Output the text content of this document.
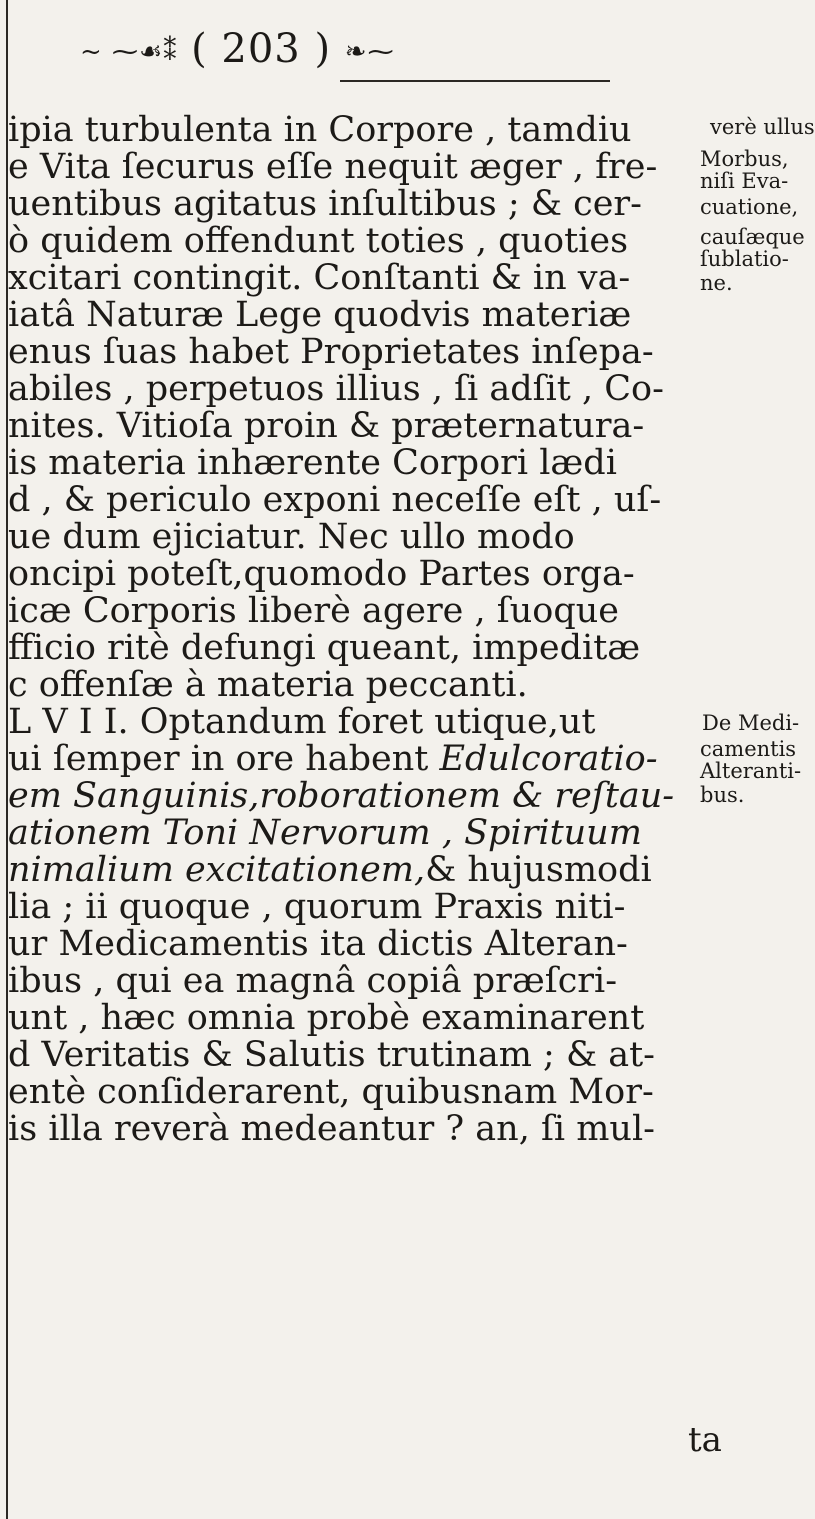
~ ⁓☙⁑ ( 203 ) ❧⁓
ipia turbulenta in Corpore , tamdiu
e Vita ſecurus eſſe nequit æger , fre-
uentibus agitatus inſultibus ; & cer-
ò quidem offendunt toties , quoties
xcitari contingit. Conſtanti & in va-
iatâ Naturæ Lege quodvis materiæ
enus ſuas habet Proprietates inſepa-
abiles , perpetuos illius , ſi adſit , Co-
nites. Vitioſa proin & præternatura-
is materia inhærente Corpori lædi
d , & periculo exponi neceſſe eſt , uſ-
ue dum ejiciatur. Nec ullo modo
oncipi poteſt,quomodo Partes orga-
icæ Corporis liberè agere , ſuoque
fficio ritè defungi queant, impeditæ
c offenſæ à materia peccanti.
L V I I. Optandum foret utique,ut
ui ſemper in ore habent Edulcoratio-
em Sanguinis,roborationem & reſtau-
ationem Toni Nervorum , Spirituum
nimalium excitationem,& hujusmodi
lia ; ii quoque , quorum Praxis niti-
ur Medicamentis ita dictis Alteran-
ibus , qui ea magnâ copiâ præſcri-
unt , hæc omnia probè examinarent
d Veritatis & Salutis trutinam ; & at-
entè conſiderarent, quibusnam Mor-
is illa reverà medeantur ? an, ſi mul-
verè ullus
Morbus,
niſi Eva-
cuatione,
cauſæque
ſublatio-
ne.
De Medi-
camentis
Alteranti-
bus.
ta
